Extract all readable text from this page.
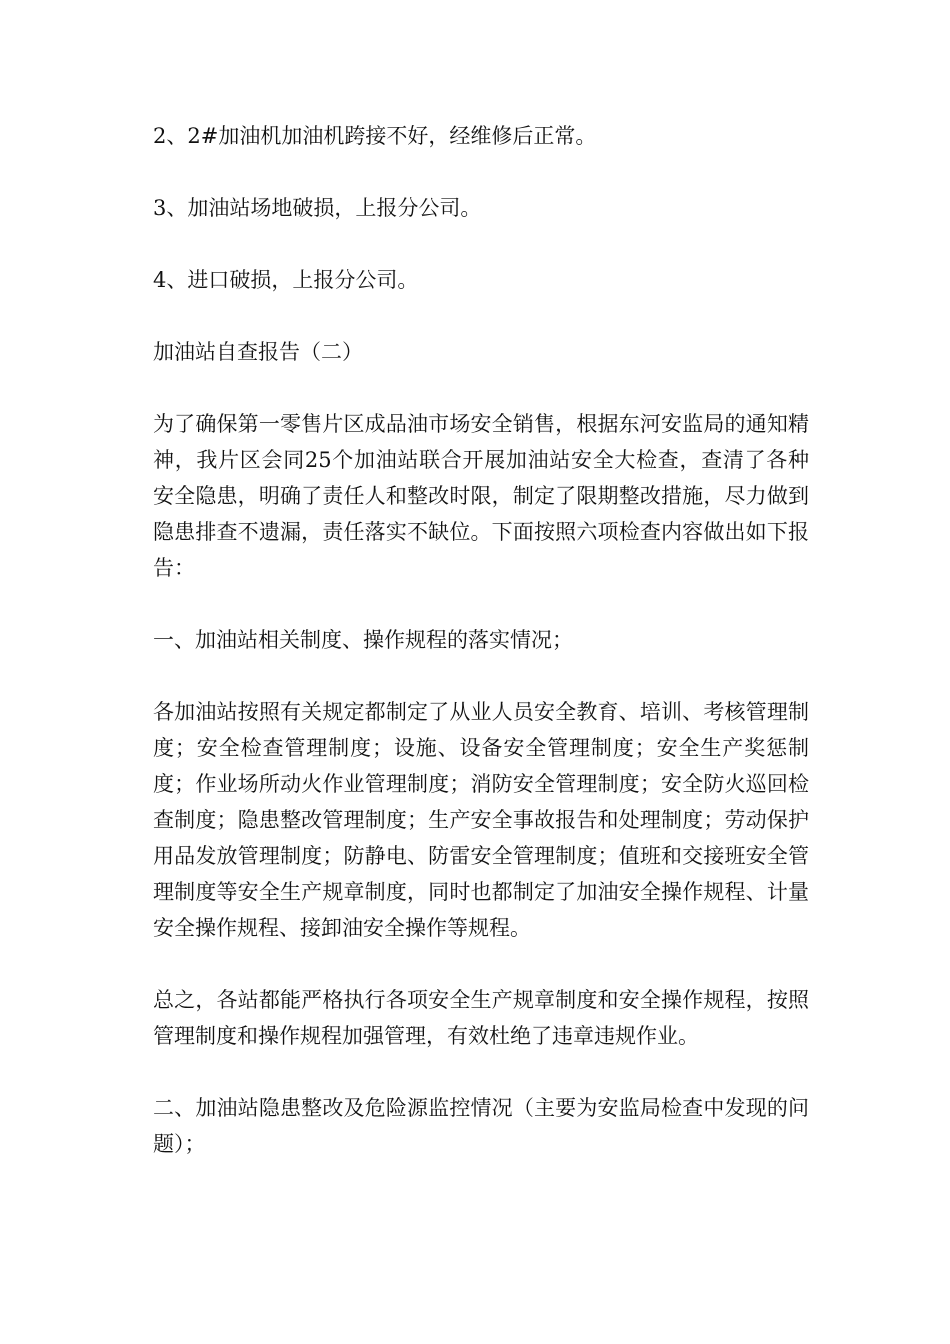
2、2#加油机加油机跨接不好，经维修后正常。

3、加油站场地破损，上报分公司。

4、进口破损，上报分公司。

加油站自查报告（二）

为了确保第一零售片区成品油市场安全销售，根据东河安监局的通知精神，我片区会同25个加油站联合开展加油站安全大检查，查清了各种安全隐患，明确了责任人和整改时限，制定了限期整改措施，尽力做到隐患排查不遗漏，责任落实不缺位。下面按照六项检查内容做出如下报告：

一、加油站相关制度、操作规程的落实情况；

各加油站按照有关规定都制定了从业人员安全教育、培训、考核管理制度；安全检查管理制度；设施、设备安全管理制度；安全生产奖惩制度；作业场所动火作业管理制度；消防安全管理制度；安全防火巡回检查制度；隐患整改管理制度；生产安全事故报告和处理制度；劳动保护用品发放管理制度；防静电、防雷安全管理制度；值班和交接班安全管理制度等安全生产规章制度，同时也都制定了加油安全操作规程、计量安全操作规程、接卸油安全操作等规程。

总之，各站都能严格执行各项安全生产规章制度和安全操作规程，按照管理制度和操作规程加强管理，有效杜绝了违章违规作业。

二、加油站隐患整改及危险源监控情况（主要为安监局检查中发现的问题）；
